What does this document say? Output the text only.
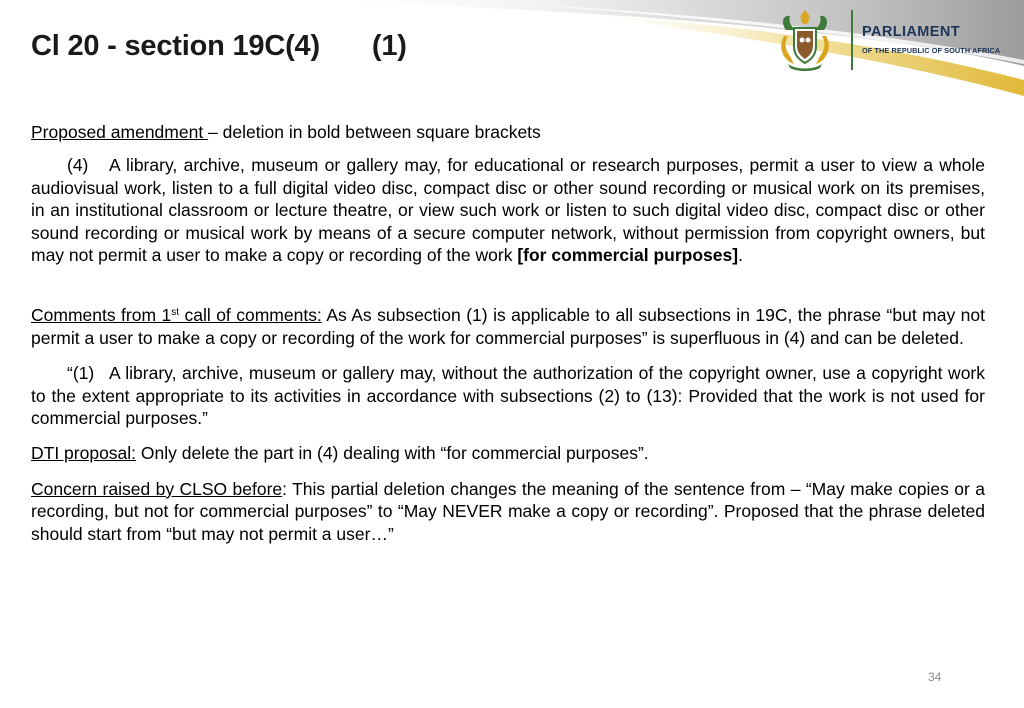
Cl 20 - section 19C(4) (1)	PARLIAMENT
OF THE REPUBLIC OF SOUTH AFRICA

Proposed amendment – deletion in bold between square brackets

(4) A library, archive, museum or gallery may, for educational or research purposes, permit a user to view a whole audiovisual work, listen to a full digital video disc, compact disc or other sound recording or musical work on its premises, in an institutional classroom or lecture theatre, or view such work or listen to such digital video disc, compact disc or other sound recording or musical work by means of a secure computer network, without permission from copyright owners, but may not permit a user to make a copy or recording of the work [for commercial purposes].

Comments from 1st call of comments: As As subsection (1) is applicable to all subsections in 19C, the phrase “but may not permit a user to make a copy or recording of the work for commercial purposes” is superfluous in (4) and can be deleted.

“(1) A library, archive, museum or gallery may, without the authorization of the copyright owner, use a copyright work to the extent appropriate to its activities in accordance with subsections (2) to (13): Provided that the work is not used for commercial purposes.”

DTI proposal: Only delete the part in (4) dealing with “for commercial purposes”.

Concern raised by CLSO before: This partial deletion changes the meaning of the sentence from – “May make copies or a recording, but not for commercial purposes” to “May NEVER make a copy or recording”. Proposed that the phrase deleted should start from “but may not permit a user…”

34
